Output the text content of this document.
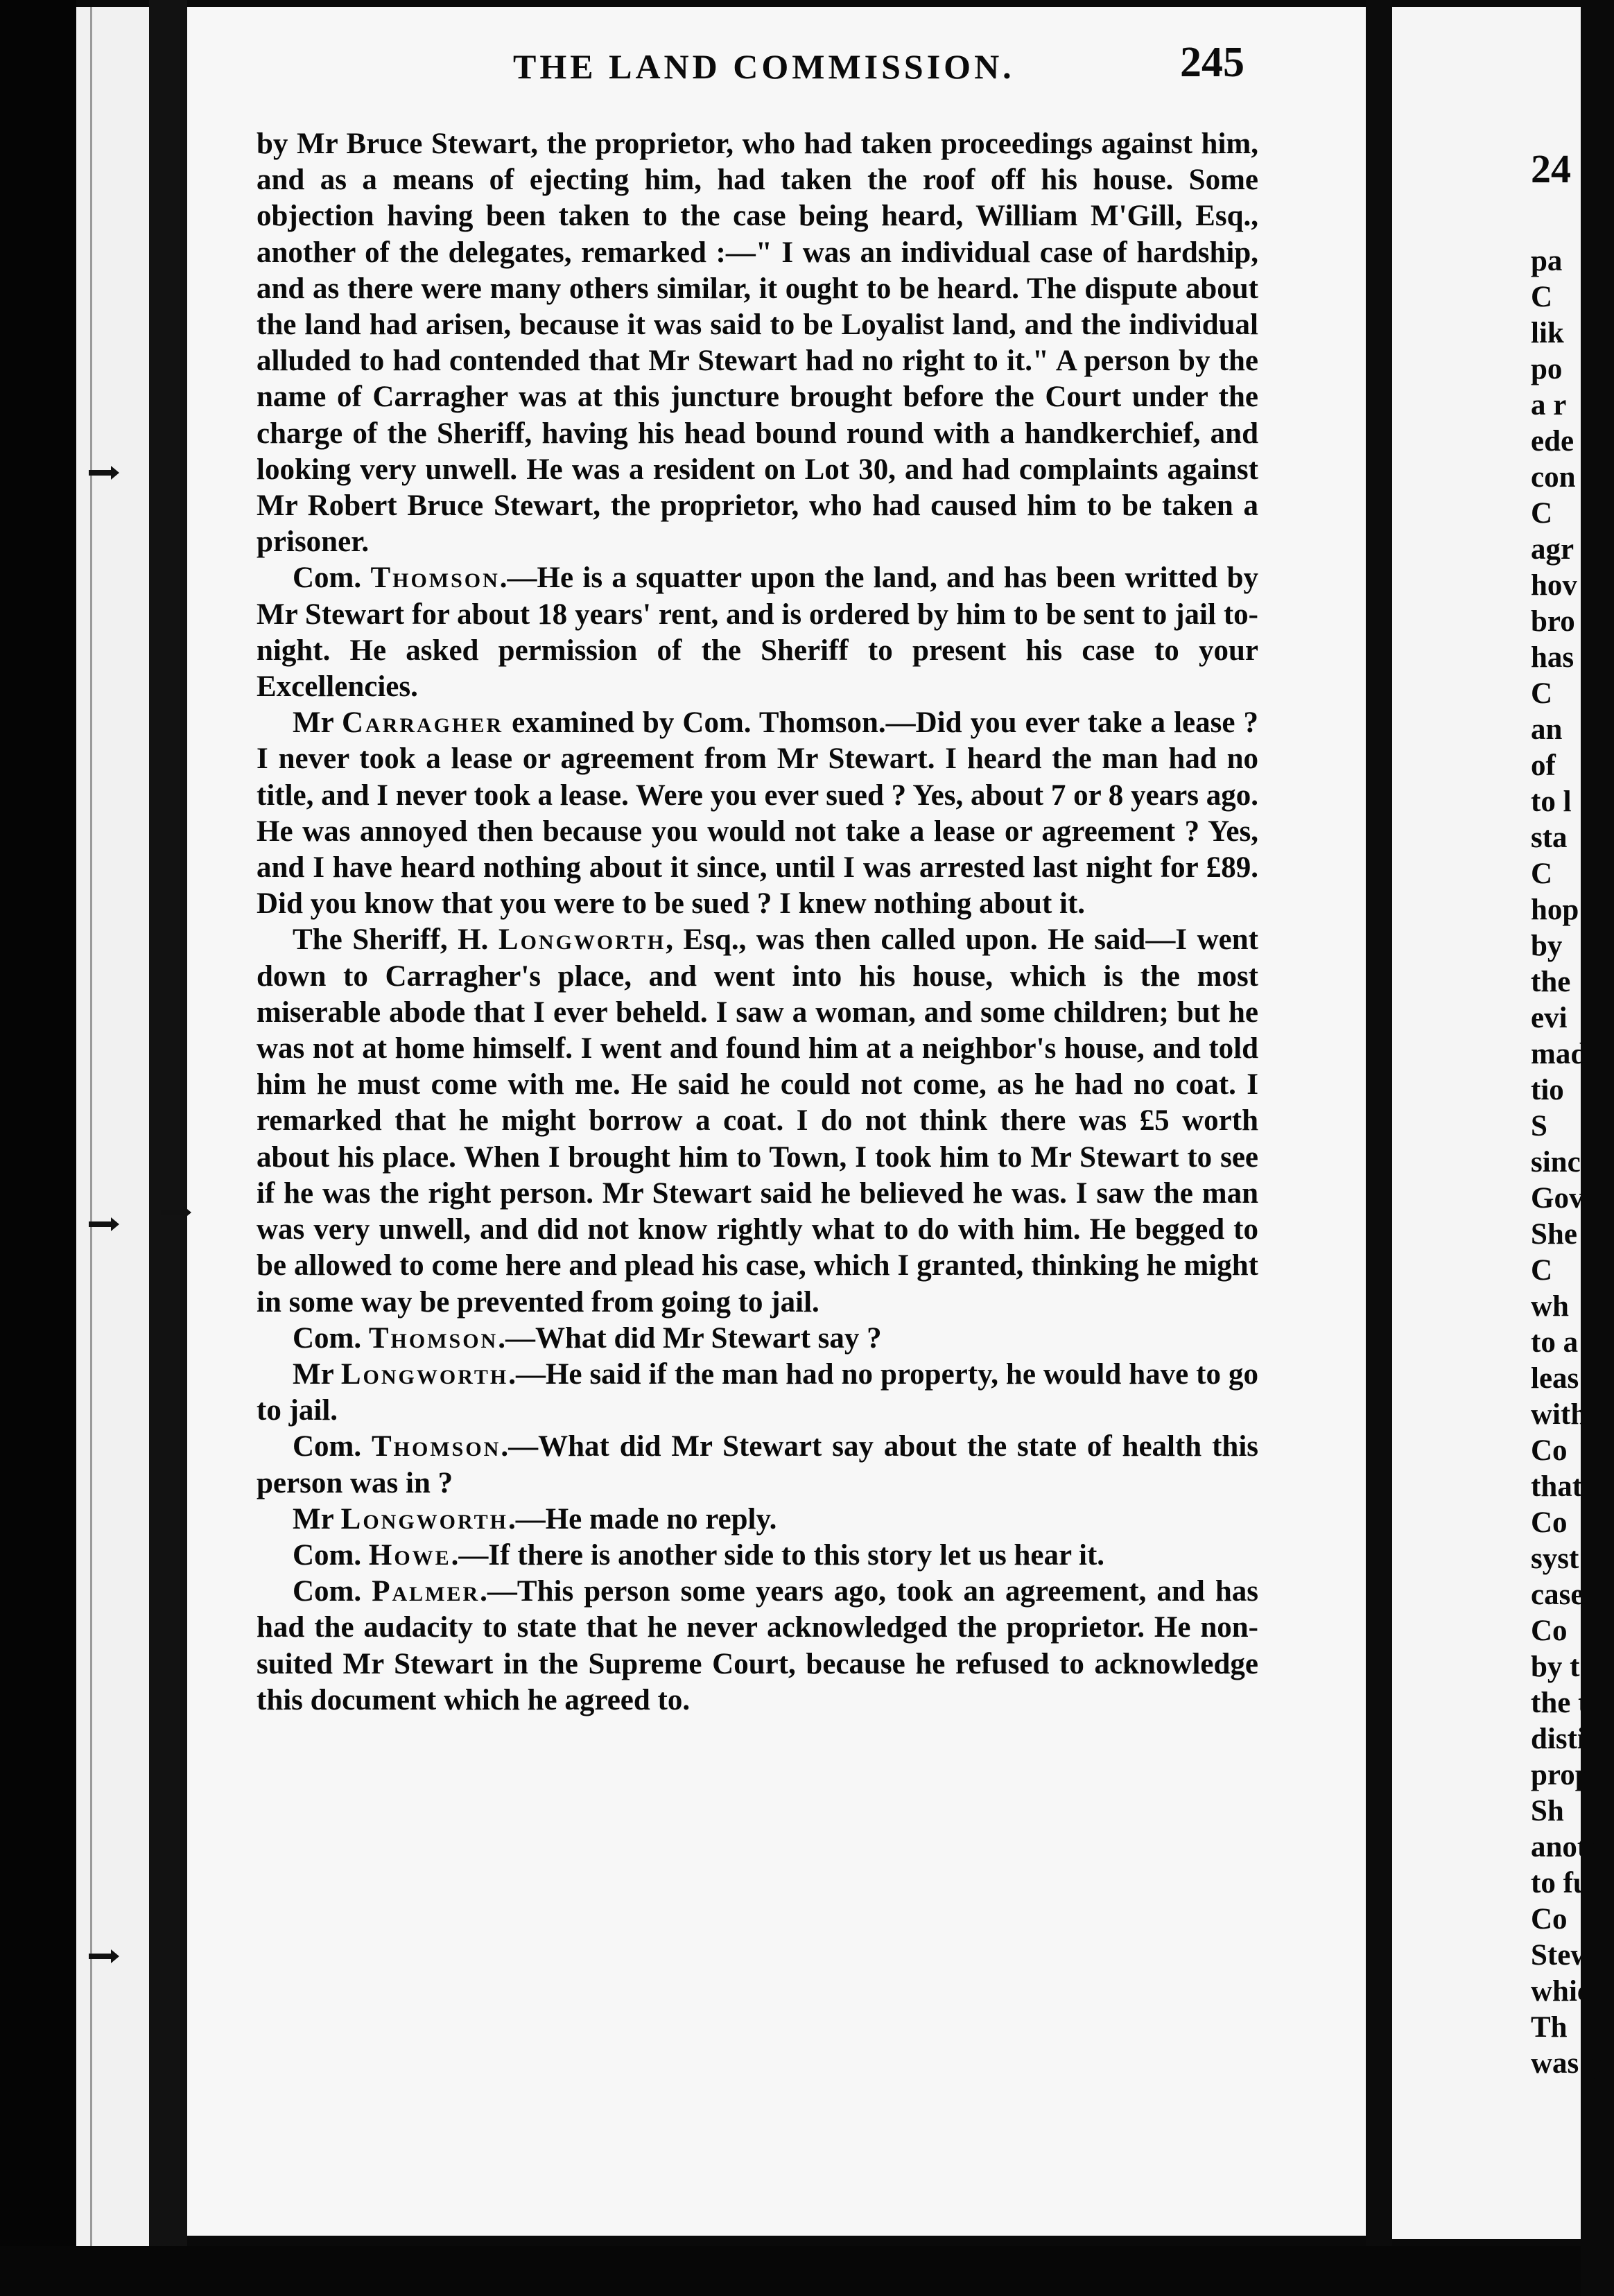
THE LAND COMMISSION.	245

by Mr Bruce Stewart, the proprietor, who had taken proceedings against him, and as a means of ejecting him, had taken the roof off his house. Some objection having been taken to the case being heard, William M'Gill, Esq., another of the delegates, remarked :—" I was an individual case of hardship, and as there were many others similar, it ought to be heard. The dispute about the land had arisen, because it was said to be Loyalist land, and the individual alluded to had contended that Mr Stewart had no right to it." A person by the name of Carragher was at this juncture brought before the Court under the charge of the Sheriff, having his head bound round with a handkerchief, and looking very unwell. He was a resident on Lot 30, and had complaints against Mr Robert Bruce Stewart, the proprietor, who had caused him to be taken a prisoner.

Com. Thomson.—He is a squatter upon the land, and has been writted by Mr Stewart for about 18 years' rent, and is ordered by him to be sent to jail to-night. He asked permission of the Sheriff to present his case to your Excellencies.

Mr Carragher examined by Com. Thomson.—Did you ever take a lease ? I never took a lease or agreement from Mr Stewart. I heard the man had no title, and I never took a lease. Were you ever sued ? Yes, about 7 or 8 years ago. He was annoyed then because you would not take a lease or agreement ? Yes, and I have heard nothing about it since, until I was arrested last night for £89. Did you know that you were to be sued ? I knew nothing about it.

The Sheriff, H. Longworth, Esq., was then called upon. He said—I went down to Carragher's place, and went into his house, which is the most miserable abode that I ever beheld. I saw a woman, and some children; but he was not at home himself. I went and found him at a neighbor's house, and told him he must come with me. He said he could not come, as he had no coat. I remarked that he might borrow a coat. I do not think there was £5 worth about his place. When I brought him to Town, I took him to Mr Stewart to see if he was the right person. Mr Stewart said he believed he was. I saw the man was very unwell, and did not know rightly what to do with him. He begged to be allowed to come here and plead his case, which I granted, thinking he might in some way be prevented from going to jail.

Com. Thomson.—What did Mr Stewart say ?

Mr Longworth.—He said if the man had no property, he would have to go to jail.

Com. Thomson.—What did Mr Stewart say about the state of health this person was in ?

Mr Longworth.—He made no reply.

Com. Howe.—If there is another side to this story let us hear it.

Com. Palmer.—This person some years ago, took an agreement, and has had the audacity to state that he never acknowledged the proprietor. He non-suited Mr Stewart in the Supreme Court, because he refused to acknowledge this document which he agreed to.

24

pa
C
lik
po
a r
ede
con
C
agr
hov
bro
has
C
an
of
to l
sta
C
hop
by
the
evi
mad
tio
S
sinc
Gov
She
C
wh
to a
leas
with
Co
that
Co
syst
case
Co
by t
the t
disti
prop
Sh
anoth
to fu
Co
Stew
whic
Th
was p
